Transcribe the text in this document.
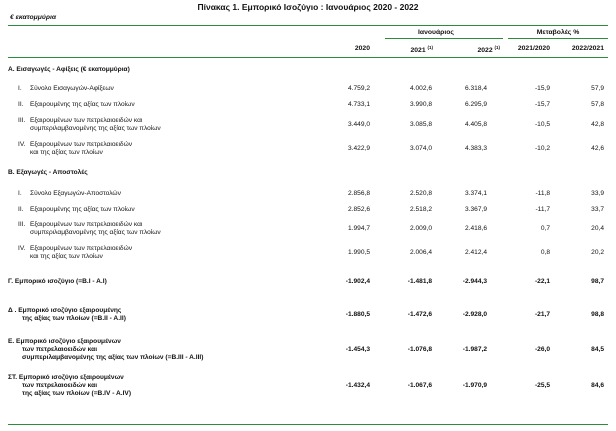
Πίνακας 1. Εμπορικό Ισοζύγιο : Ιανουάριος 2020 - 2022
€ εκατομμύρια
Ιανουάριος	Μεταβολές %
2020	2021 $^{(1)}$	2022 $^{(1)}$	2021/2020	2022/2021
Α. Εισαγωγές - Αφίξεις (€ εκατομμύρια)
I. Σύνολο Εισαγωγών-Αφίξεων	4.759,2	4.002,6	6.318,4	-15,9	57,9
II. Εξαιρουμένης της αξίας των πλοίων	4.733,1	3.990,8	6.295,9	-15,7	57,8
III. Εξαιρουμένων των πετρελαιοειδών και
συμπεριλαμβανομένης της αξίας των πλοίων
3.449,0	3.085,8	4.405,8	-10,5	42,8
IV. Εξαιρουμένων των πετρελαιοειδών
και της αξίας των πλοίων
3.422,9	3.074,0	4.383,3	-10,2	42,6
Β. Εξαγωγές - Αποστολές
I. Σύνολο Εξαγωγών-Αποστολών	2.856,8	2.520,8	3.374,1	-11,8	33,9
II. Εξαιρουμένης της αξίας των πλοίων	2.852,6	2.518,2	3.367,9	-11,7	33,7
III. Εξαιρουμένων των πετρελαιοειδών και
συμπεριλαμβανομένης της αξίας των πλοίων
1.994,7	2.009,0	2.418,6	0,7	20,4
IV. Εξαιρουμένων των πετρελαιοειδών
και της αξίας των πλοίων
1.990,5	2.006,4	2.412,4	0,8	20,2
Γ. Εμπορικό ισοζύγιο (=B.I - A.I)	-1.902,4	-1.481,8	-2.944,3	-22,1	98,7
Δ . Εμπορικό ισοζύγιο εξαιρουμένης
της αξίας των πλοίων (=B.II - A.II)
-1.880,5	-1.472,6	-2.928,0	-21,7	98,8
Ε. Εμπορικό ισοζύγιο εξαιρουμένων
των πετρελαιοειδών και
συμπεριλαμβανομένης της αξίας των πλοίων (=B.III - A.III)
-1.454,3	-1.076,8	-1.987,2	-26,0	84,5
ΣΤ. Εμπορικό ισοζύγιο εξαιρουμένων
των πετρελαιοειδών και
της αξίας των πλοίων (=B.IV - A.IV)
-1.432,4	-1.067,6	-1.970,9	-25,5	84,6
